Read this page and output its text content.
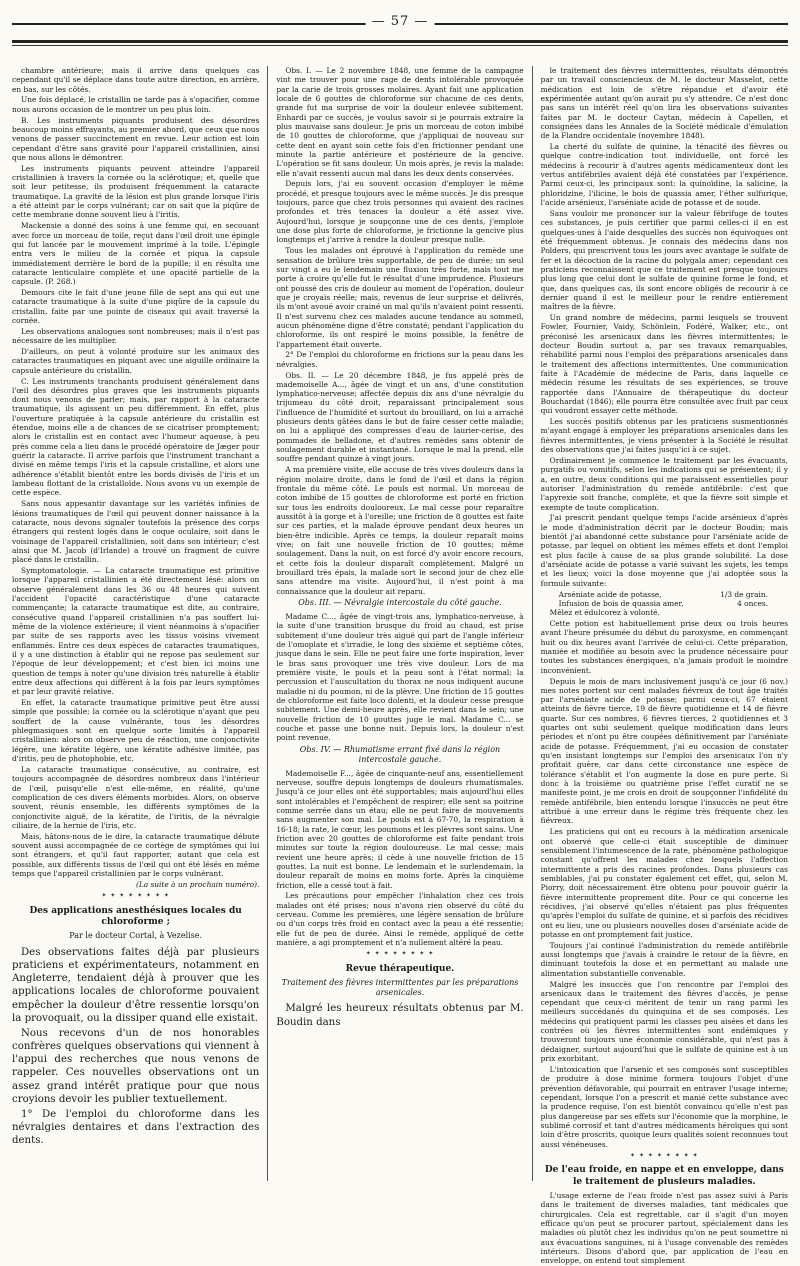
— 57 —

chambre antérieure; mais il arrive dans quelques cas cependant qu'il se déplace dans toute autre direction, en arrière, en bas, sur les côtés.

Une fois déplacé, le cristallin ne tarde pas à s'opacifier, comme nous aurons occasion de le montrer un peu plus loin.

B. Les instruments piquants produisent des désordres beaucoup moins effrayants, au premier abord, que ceux que nous venons de passer succinctement en revue. Leur action est loin cependant d'être sans gravité pour l'appareil cristallinien, ainsi que nous allons le démontrer.

Les instruments piquants peuvent atteindre l'appareil cristallinien à travers la cornée ou la sclérotique; et, quelle que soit leur petitesse, ils produisent fréquemment la cataracte traumatique. La gravité de la lésion est plus grande lorsque l'iris a été atteint par le corps vulnérant; car on sait que la piqûre de cette membrane donne souvent lieu à l'iritis.

Mackensie a donné des soins à une femme qui, en secouant avec force un morceau de toile, reçut dans l'œil droit une épingle qui fut lancée par le mouvement imprimé à la toile. L'épingle entra vers le milieu de la cornée et piqua la capsule immédiatement derrière le bord de la pupille; il en résulta une cataracte lenticulaire complète et une opacité partielle de la capsule. (P. 268.)

Demours cite le fait d'une jeune fille de sept ans qui eut une cataracte traumatique à la suite d'une piqûre de la capsule du cristallin, faite par une pointe de ciseaux qui avait traversé la cornée.

Les observations analogues sont nombreuses; mais il n'est pas nécessaire de les multiplier.

D'ailleurs, on peut à volonté produire sur les animaux des cataractes traumatiques en piquant avec une aiguille ordinaire la capsule antérieure du cristallin.

C. Les instruments tranchants produisent généralement dans l'œil des désordres plus graves que les instruments piquants dont nous venons de parler; mais, par rapport à la cataracte traumatique, ils agissent un peu différemment. En effet, plus l'ouverture pratiquée à la capsule antérieure du cristallin est étendue, moins elle a de chances de se cicatriser promptement; alors le cristallin est en contact avec l'humeur aqueuse, à peu près comme cela a lieu dans le procédé opératoire de Jæger pour guérir la cataracte. Il arrive parfois que l'instrument tranchant a divisé en même temps l'iris et la capsule cristalline, et alors une adhérence s'établit bientôt entre les bords divisés de l'iris et un lambeau flottant de la cristalloïde. Nous avons vu un exemple de cette espèce.

Sans nous appesantir davantage sur les variétés infinies de lésions traumatiques de l'œil qui peuvent donner naissance à la cataracte, nous devons signaler toutefois la présence des corps étrangers qui restent logés dans le coque oculaire, soit dans le voisinage de l'appareil cristallinien, soit dans son intérieur; c'est ainsi que M. Jacob (d'Irlande) a trouvé un fragment de cuivre placé dans le cristallin.

Symptomatologie. — La cataracte traumatique est primitive lorsque l'appareil cristallinien a été directement lésé: alors on observe généralement dans les 36 ou 48 heures qui suivent l'accident l'opacité caractéristique d'une cataracte commençante; la cataracte traumatique est dite, au contraire, consécutive quand l'appareil cristallinien n'a pas souffert lui-même de la violence extérieure; il vient néanmoins à s'opacifier par suite de ses rapports avec les tissus voisins vivement enflammés. Entre ces deux espèces de cataractes traumatiques, il y a une distinction à établir qui ne repose pas seulement sur l'époque de leur développement; et c'est bien ici moins une question de temps à noter qu'une division très naturelle à établir entre deux affections qui diffèrent à la fois par leurs symptômes et par leur gravité relative.

En effet, la cataracte traumatique primitive peut être aussi simple que possible; la cornée ou la sclérotique n'ayant que peu souffert de la cause vulnérante, tous les désordres phlegmasiques sont en quelque sorte limités à l'appareil cristallinien: alors on observe peu de réaction, une conjonctivite légère, une kératite légère, une kératite adhésive limitée, pas d'iritis, peu de photophobie, etc.

La cataracte traumatique consécutive, au contraire, est toujours accompagnée de désordres nombreux dans l'intérieur de l'œil, puisqu'elle n'est elle-même, en réalité, qu'une complication de ces divers éléments morbides. Alors, on observe souvent, réunis ensemble, les différents symptômes de la conjonctivite aiguë, de la kératite, de l'iritis, de la névralgie ciliaire, de la hernie de l'iris, etc.

Mais, hâtons-nous de le dire, la cataracte traumatique débute souvent aussi accompagnée de ce cortège de symptômes qui lui sont étrangers, et qu'il faut rapporter, autant que cela est possible, aux différents tissus de l'œil qui ont été lésés en même temps que l'appareil cristallinien par le corps vulnérant.

(La suite à un prochain numéro).

✦ ✦ ✦ ✦ ✦ ✦ ✦ ✦

Des applications anesthésiques locales du chloroforme ;

Par le docteur Cortal, à Vezelise.

Des observations faites déjà par plusieurs praticiens et expérimentateurs, notamment en Angleterre, tendaient déjà à prouver que les applications locales de chloroforme pouvaient empêcher la douleur d'être ressentie lorsqu'on la provoquait, ou la dissiper quand elle existait.

Nous recevons d'un de nos honorables confrères quelques observations qui viennent à l'appui des recherches que nous venons de rappeler. Ces nouvelles observations ont un assez grand intérêt pratique pour que nous croyions devoir les publier textuellement.

1° De l'emploi du chloroforme dans les névralgies dentaires et dans l'extraction des dents.

Obs. I. — Le 2 novembre 1848, une femme de la campagne vint me trouver pour une rage de dents intolérable provoquée par la carie de trois grosses molaires. Ayant fait une application locale de 6 gouttes de chloroforme sur chacune de ces dents, grande fut ma surprise de voir la douleur enlevée subitement. Enhardi par ce succès, je voulus savoir si je pourrais extraire la plus mauvaise sans douleur. Je pris un morceau de coton imbibé de 10 gouttes de chloroforme, que j'appliquai de nouveau sur cette dent en ayant soin cette fois d'en frictionner pendant une minute la partie antérieure et postérieure de la gencive. L'opération se fit sans douleur. Un mois après, je revis la malade: elle n'avait ressenti aucun mal dans les deux dents conservées.

Depuis lors, j'ai eu souvent occasion d'employer le même procédé, et presque toujours avec le même succès. Je dis presque toujours, parce que chez trois personnes qui avaient des racines profondes et très tenaces la douleur a été assez vive. Aujourd'hui, lorsque je soupçonne une de ces dents, j'emploie une dose plus forte de chloroforme, je frictionne la gencive plus longtemps et j'arrive à rendre la douleur presque nulle.

Tous les malades ont éprouvé à l'application du remède une sensation de brûlure très supportable, de peu de durée; un seul sur vingt a eu le lendemain une fluxion très forte, mais tout me porte à croire qu'elle fut le résultat d'une imprudence. Plusieurs ont poussé des cris de douleur au moment de l'opération, douleur que je croyais réelle; mais, revenus de leur surprise et délivrés, ils m'ont avoué avoir crainé un mal qu'ils n'avaient point ressenti. Il n'est survenu chez ces malades aucune tendance au sommeil, aucun phénomène digne d'être constaté; pendant l'application du chloroforme, ils ont respiré le moins possible, la fenêtre de l'appartement était ouverte.

2° De l'emploi du chloroforme en frictions sur la peau dans les névralgies.

Obs. II. — Le 20 décembre 1848, je fus appelé près de mademoiselle A..., âgée de vingt et un ans, d'une constitution lymphatico-nerveuse; affectée depuis dix ans d'une névralgie du trijumeau du côté droit, reparaissant principalement sous l'influence de l'humidité et surtout du brouillard, on lui a arraché plusieurs dents gâtées dans le but de faire cesser cette maladie; on lui a appliqué des compresses d'eau de laurier-cerise, des pommades de belladone, et d'autres remèdes sans obtenir de soulagement durable et instantané. Lorsque le mal la prend, elle souffre pendant quinze à vingt jours.

A ma première visite, elle accuse de très vives douleurs dans la région molaire droite, dans le fond de l'œil et dans la région frontale du même côté. Le pouls est normal. Un morceau de coton imbibé de 15 gouttes de chloroforme est porté en friction sur tous les endroits douloureux. Le mal cesse pour reparaître aussitôt à la gorge et à l'oreille; une friction de 8 gouttes est faite sur ces parties, et la malade éprouve pendant deux heures un bien-être indicible. Après ce temps, la douleur reparaît moins vive; on fait une nouvelle friction de 10 gouttes; même soulagement. Dans la nuit, on est forcé d'y avoir encore recours, et cette fois la douleur disparaît complètement. Malgré un brouillard très épais, la malade sort le second jour de chez elle sans attendre ma visite. Aujourd'hui, il n'est point à ma connaissance que la douleur ait reparu.

Obs. III. — Névralgie intercostale du côté gauche.

Madame C..., âgée de vingt-trois ans, lymphatico-nerveuse, à la suite d'une transition brusque du froid au chaud, est prise subitement d'une douleur très aiguë qui part de l'angle inférieur de l'omoplate et s'irradie, le long des sixième et septième côtes, jusque dans le sein. Elle ne peut faire une forte inspiration, lever le bras sans provoquer une très vive douleur. Lors de ma première visite, le pouls et la peau sont à l'état normal; la percussion et l'auscultation du thorax ne nous indiquent aucune maladie ni du poumon, ni de la plèvre. Une friction de 15 gouttes de chloroforme est faite loco dolenti, et la douleur cesse presque subitement. Une demi-heure après, elle revient dans le sein; une nouvelle friction de 10 gouttes juge le mal. Madame C... se couche et passe une bonne nuit. Depuis lors, la douleur n'est point revenue.

Obs. IV. — Rhumatisme errant fixé dans la région intercostale gauche.

Mademoiselle F..., âgée de cinquante-neuf ans, essentiellement nerveuse, souffre depuis longtemps de douleurs rhumatismales. Jusqu'à ce jour elles ont été supportables; mais aujourd'hui elles sont intolérables et l'empêchent de respirer; elle sent sa poitrine comme serrée dans un étau; elle ne peut faire de mouvements sans augmenter son mal. Le pouls est à 67-70, la respiration à 16-18; la rate, le cœur, les poumons et les plèvres sont sains. Une friction avec 20 gouttes de chloroforme est faite pendant trois minutes sur toute la région douloureuse. Le mal cesse; mais revient une heure après; il cède à une nouvelle friction de 15 gouttes. La nuit est bonne. Le lendemain et le surlendemain, la douleur reparaît de moins en moins forte. Après la cinquième friction, elle a cessé tout à fait.

Les précautions pour empêcher l'inhalation chez ces trois malades ont été prises; nous n'avons rien observé du côté du cerveau. Comme les premières, une légère sensation de brûlure ou d'un corps très froid en contact avec la peau a été ressentie; elle fut de peu de durée. Ainsi le remède, appliqué de cette manière, a agi promptement et n'a nullement altéré la peau.

✦ ✦ ✦ ✦ ✦ ✦ ✦ ✦

Revue thérapeutique.

Traitement des fièvres intermittentes par les préparations arsenicales.

Malgré les heureux résultats obtenus par M. Boudin dans

le traitement des fièvres intermittentes, résultats démontrés par un travail consciencieux de M. le docteur Masselot, cette médication est loin de s'être répandue et d'avoir été expérimentée autant qu'on aurait pu s'y attendre. Ce n'est donc pas sans un intérêt réel qu'on lira les observations suivantes faites par M. le docteur Caytan, médecin à Capellen, et consignées dans les Annales de la Société médicale d'émulation de la Flandre occidentale (novembre 1848).

La cherté du sulfate de quinine, la ténacité des fièvres ou quelque contre-indication tout individuelle, ont forcé les médecins à recourir à d'autres agents médicamenteux dont les vertus antifébriles avaient déjà été constatées par l'expérience. Parmi ceux-ci, les principaux sont: la quinoïdine, la salicine, la phloridzine, l'ilicine, le bois de quassia amer, l'éther sulfurique, l'acide arsénieux, l'arséniate acide de potasse et de soude.

Sans vouloir me prononcer sur la valeur fébrifuge de toutes ces substances, je puis certifier que parmi celles-ci il en est quelques-unes à l'aide desquelles des succès non équivoques ont été fréquemment obtenus. Je connais des médecins dans nos Polders, qui prescrivent tous les jours avec avantage le sulfate de fer et la décoction de la racine du polygala amer; cependant ces praticiens reconnaissent que ce traitement est presque toujours plus long que celui dont le sulfate de quinine forme le fond, et que, dans quelques cas, ils sont encore obligés de recourir à ce dernier quand il est le meilleur pour le rendre entièrement maîtres de la fièvre.

Un grand nombre de médecins, parmi lesquels se trouvent Fowler, Fournier, Vaidy, Schönlein, Fodéré, Walker, etc., ont préconisé les arsenicaux dans les fièvres intermittentes; le docteur Boudin surtout a, par ses travaux remarquables, réhabilité parmi nous l'emploi des préparations arsenicales dans le traitement des affections intermittentes. Une communication faite à l'Académie de médecine de Paris, dans laquelle ce médecin résume les résultats de ses expériences, se trouve rapportée dans l'Annuaire de thérapeutique du docteur Bouchardat (1846); elle pourra être consultée avec fruit par ceux qui voudront essayer cette méthode.

Les succès positifs obtenus par les praticiens susmentionnés m'ayant engagé à employer les préparations arsenicales dans les fièvres intermittentes, je viens présenter à la Société le résultat des observations que j'ai faites jusqu'ici à ce sujet.

Ordinairement je commence le traitement par les évacuants, purgatifs ou vomitifs, selon les indications qui se présentent; il y a, en outre, deux conditions qui me paraissent essentielles pour autoriser l'administration du remède antifébrile: c'est que l'apyrexie soit franche, complète, et que la fièvre soit simple et exempte de toute complication.

J'ai prescrit pendant quelque temps l'acide arsénieux d'après le mode d'administration décrit par le docteur Boudin; mais bientôt j'ai abandonné cette substance pour l'arséniate acide de potasse, par lequel on obtient les mêmes effets et dont l'emploi est plus facile à cause de sa plus grande solubilité. La dose d'arséniate acide de potasse a varié suivant les sujets, les temps et les lieux; voici la dose moyenne que j'ai adoptée sous la formule suivante:

Arséniate acide de potasse,	1/3 de grain.
Infusion de bois de quassia amer,	4 onces.

Mêlez et édulcorez à volonté.

Cette potion est habituellement prise deux ou trois heures avant l'heure présumée du début du paroxysme, en commençant huit ou dix heures avant l'arrivée de celui-ci. Cette préparation, maniée et modifiée au besoin avec la prudence nécessaire pour toutes les substances énergiques, n'a jamais produit le moindre inconvénient.

Depuis le mois de mars inclusivement jusqu'à ce jour (6 nov.) mes notes portent sur cent malades fiévreux de tout âge traités par l'arséniate acide de potasse; parmi ceux-ci, 67 étaient atteints de fièvre tierce, 19 de fièvre quotidienne et 14 de fièvre quarte. Sur ces nombres, 6 fièvres tierces, 2 quotidiennes et 3 quartes ont subi seulement quelque modification dans leurs périodes et n'ont pu être coupées définitivement par l'arséniate acide de potasse. Fréquemment, j'ai eu occasion de constater qu'en insistant longtemps sur l'emploi des arsenicaux l'on n'y profitait guère, car dans cette circonstance une espèce de tolérance s'établit et l'on augmente la dose en pure perte. Si donc à la troisième ou quatrième prise l'effet curatif ne se manifeste point, je me crois en droit de soupçonner l'infidélité du remède antifébrile, bien entendu lorsque l'insuccès ne peut être attribué à une erreur dans le régime très fréquente chez les fiévreux.

Les praticiens qui ont eu recours à la médication arsenicale ont observé que celle-ci était susceptible de diminuer sensiblement l'intumescence de la rate, phénomène pathologique constant qu'offrent les malades chez lesquels l'affection intermittente a pris des racines profondes. Dans plusieurs cas semblables, j'ai pu constater également cet effet, qui, selon M. Piorry, doit nécessairement être obtenu pour pouvoir guérir la fièvre intermittente proprement dite. Pour ce qui concerne les récidives, j'ai observé qu'elles n'étaient pas plus fréquentes qu'après l'emploi du sulfate de quinine, et si parfois des récidives ont eu lieu, une ou plusieurs nouvelles doses d'arséniate acide de potasse en ont promptement fait justice.

Toujours j'ai continué l'administration du remède antifébrile aussi longtemps que j'avais à craindre le retour de la fièvre, en diminuant toutefois la dose et en permettant au malade une alimentation substantielle convenable.

Malgré les insuccès que l'on rencontre par l'emploi des arsenicaux dans le traitement des fièvres d'accès, je pense cependant que ceux-ci méritent de tenir un rang parmi les meilleurs succédanés du quinquina et de ses composés. Les médecins qui pratiquent parmi les classes peu aisées et dans les contrées où les fièvres intermittentes sont endémiques y trouveront toujours une économie considérable, qui n'est pas à dédaigner, surtout aujourd'hui que le sulfate de quinine est à un prix exorbitant.

L'intoxication que l'arsenic et ses composés sont susceptibles de produire à dose minime formera toujours l'objet d'une prévention défavorable, qui pourrait en entraver l'usage interne; cependant, lorsque l'on a prescrit et manié cette substance avec la prudence requise, l'on est bientôt convaincu qu'elle n'est pas plus dangereuse par ses effets sur l'économie que la morphine, le sublimé corrosif et tant d'autres médicaments héroïques qui sont loin d'être proscrits, quoique leurs qualités soient reconnues tout aussi vénéneuses.

✦ ✦ ✦ ✦ ✦ ✦ ✦ ✦

De l'eau froide, en nappe et en enveloppe, dans le traitement de plusieurs maladies.

L'usage externe de l'eau froide n'est pas assez suivi à Paris dans le traitement de diverses maladies, tant médicales que chirurgicales. Cela est regrettable, car il s'agit d'un moyen efficace qu'on peut se procurer partout, spécialement dans les maladies où plutôt chez les individus qu'on ne peut soumettre ni aux évacuations sanguines, ni à l'usage convenable des remèdes intérieurs. Disons d'abord que, par application de l'eau en enveloppe, on entend tout simplement
